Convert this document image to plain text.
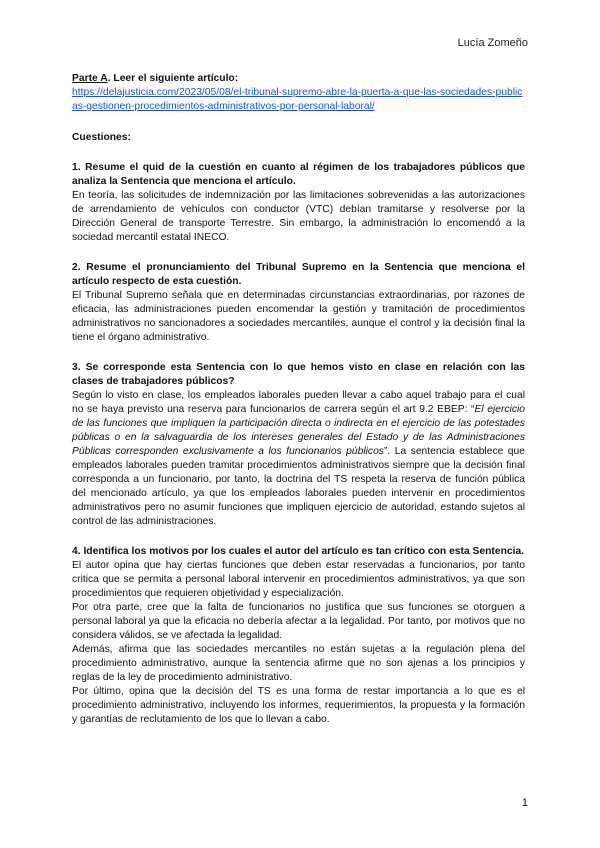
Lucía Zomeño

Parte A. Leer el siguiente artículo:

https://delajusticia.com/2023/05/08/el-tribunal-supremo-abre-la-puerta-a-que-las-sociedades-publicas-gestionen-procedimientos-administrativos-por-personal-laboral/

Cuestiones:

1. Resume el quid de la cuestión en cuanto al régimen de los trabajadores públicos que analiza la Sentencia que menciona el artículo.

En teoría, las solicitudes de indemnización por las limitaciones sobrevenidas a las autorizaciones de arrendamiento de vehículos con conductor (VTC) debían tramitarse y resolverse por la Dirección General de transporte Terrestre. Sin embargo, la administración lo encomendó a la sociedad mercantil estatal INECO.

2. Resume el pronunciamiento del Tribunal Supremo en la Sentencia que menciona el artículo respecto de esta cuestión.

El Tribunal Supremo señala que en determinadas circunstancias extraordinarias, por razones de eficacia, las administraciones pueden encomendar la gestión y tramitación de procedimientos administrativos no sancionadores a sociedades mercantiles, aunque el control y la decisión final la tiene el órgano administrativo.

3. Se corresponde esta Sentencia con lo que hemos visto en clase en relación con las clases de trabajadores públicos?

Según lo visto en clase, los empleados laborales pueden llevar a cabo aquel trabajo para el cual no se haya previsto una reserva para funcionarios de carrera según el art 9.2 EBEP: “El ejercicio de las funciones que impliquen la participación directa o indirecta en el ejercicio de las potestades públicas o en la salvaguardia de los intereses generales del Estado y de las Administraciones Públicas corresponden exclusivamente a los funcionarios públicos”. La sentencia establece que empleados laborales pueden tramitar procedimientos administrativos siempre que la decisión final corresponda a un funcionario, por tanto, la doctrina del TS respeta la reserva de función pública del mencionado artículo, ya que los empleados laborales pueden intervenir en procedimientos administrativos pero no asumir funciones que impliquen ejercicio de autoridad, estando sujetos al control de las administraciones.

4. Identifica los motivos por los cuales el autor del artículo es tan crítico con esta Sentencia.

El autor opina que hay ciertas funciones que deben estar reservadas a funcionarios, por tanto critica que se permita a personal laboral intervenir en procedimientos administrativos, ya que son procedimientos que requieren objetividad y especialización.

Por otra parte, cree que la falta de funcionarios no justifica que sus funciones se otorguen a personal laboral ya que la eficacia no debería afectar a la legalidad. Por tanto, por motivos que no considera válidos, se ve afectada la legalidad.

Además, afirma que las sociedades mercantiles no están sujetas a la regulación plena del procedimiento administrativo, aunque la sentencia afirme que no son ajenas a los principios y reglas de la ley de procedimiento administrativo.

Por último, opina que la decisión del TS es una forma de restar importancia a lo que es el procedimiento administrativo, incluyendo los informes, requerimientos, la propuesta y la formación y garantías de reclutamiento de los que lo llevan a cabo.

1
